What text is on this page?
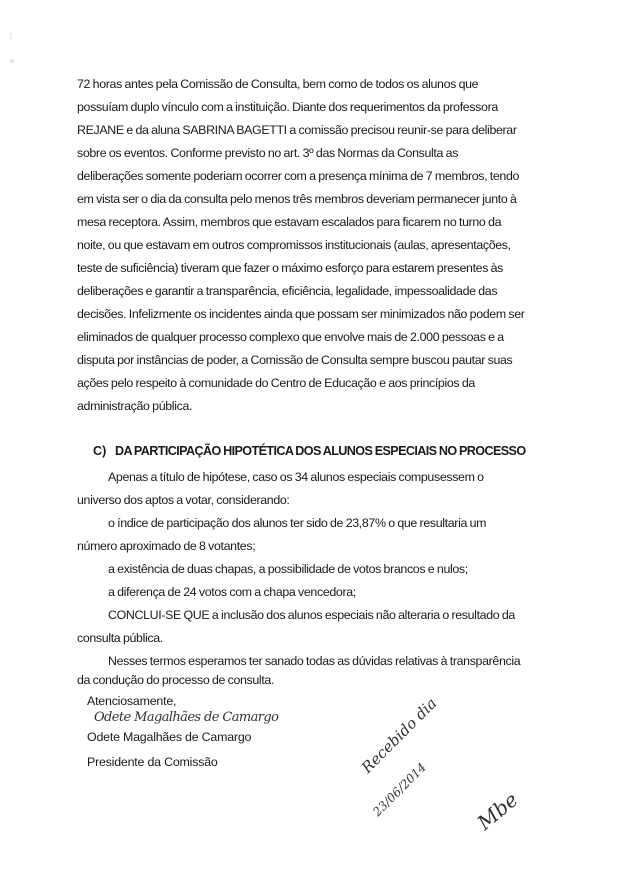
¦
ⅇ
72 horas antes pela Comissão de Consulta, bem como de todos os alunos que
possuíam duplo vínculo com a instituição. Diante dos requerimentos da professora
REJANE e da aluna SABRINA BAGETTI a comissão precisou reunir-se para deliberar
sobre os eventos. Conforme previsto no art. 3º das Normas da Consulta as
deliberações somente poderiam ocorrer com a presença mínima de 7 membros, tendo
em vista ser o dia da consulta pelo menos três membros deveriam permanecer junto à
mesa receptora. Assim, membros que estavam escalados para ficarem no turno da
noite, ou que estavam em outros compromissos institucionais (aulas, apresentações,
teste de suficiência) tiveram que fazer o máximo esforço para estarem presentes às
deliberações e garantir a transparência, eficiência, legalidade, impessoalidade das
decisões. Infelizmente os incidentes ainda que possam ser minimizados não podem ser
eliminados de qualquer processo complexo que envolve mais de 2.000 pessoas e a
disputa por instâncias de poder, a Comissão de Consulta sempre buscou pautar suas
ações pelo respeito à comunidade do Centro de Educação e aos princípios da
administração pública.
C) DA PARTICIPAÇÃO HIPOTÉTICA DOS ALUNOS ESPECIAIS NO PROCESSO
Apenas a título de hipótese, caso os 34 alunos especiais compusessem o
universo dos aptos a votar, considerando:
o índice de participação dos alunos ter sido de 23,87% o que resultaria um
número aproximado de 8 votantes;
a existência de duas chapas, a possibilidade de votos brancos e nulos;
a diferença de 24 votos com a chapa vencedora;
CONCLUI-SE QUE a inclusão dos alunos especiais não alteraria o resultado da
consulta pública.
Nesses termos esperamos ter sanado todas as dúvidas relativas à transparência
da condução do processo de consulta.
Atenciosamente,
Odete Magalhães de Camargo
Odete Magalhães de Camargo
Presidente da Comissão	Recebido dia
23/06/2014 Mbe
